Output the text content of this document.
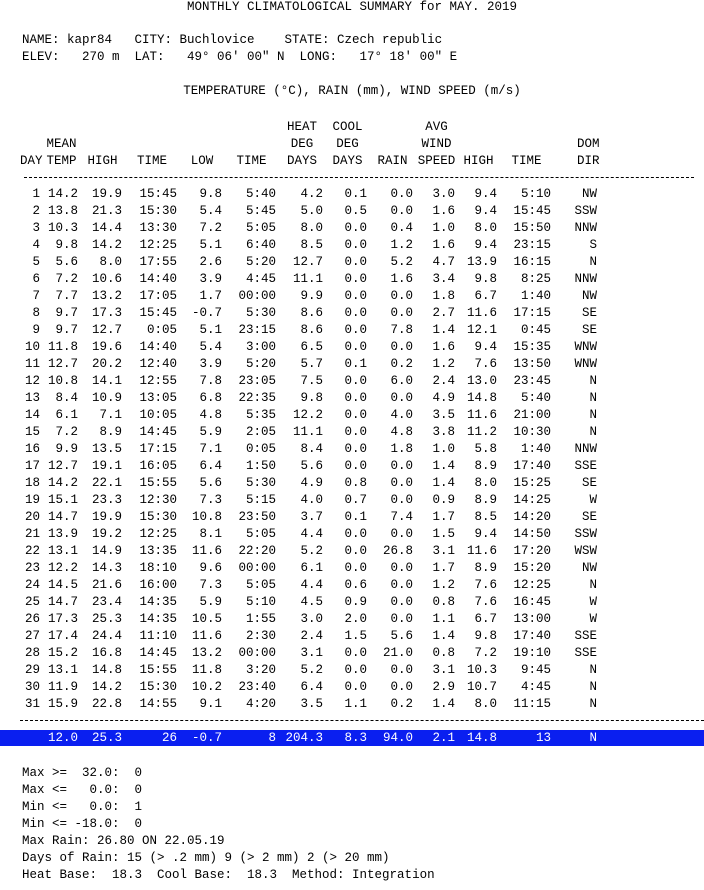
MONTHLY CLIMATOLOGICAL SUMMARY for MAY. 2019
NAME: kapr84   CITY: Buchlovice    STATE: Czech republic
ELEV:   270 m  LAT:   49° 06' 00" N  LONG:   17° 18' 00" E
TEMPERATURE (°C), RAIN (mm), WIND SPEED (m/s)
						HEAT	COOL		AVG			
	MEAN					DEG	DEG		WIND			DOM
DAY	TEMP	HIGH	TIME	LOW	TIME	DAYS	DAYS	RAIN	SPEED	HIGH	TIME	DIR
1	14.2	19.9	15:45	9.8	5:40	4.2	0.1	0.0	3.0	9.4	5:10	NW
2	13.8	21.3	15:30	5.4	5:45	5.0	0.5	0.0	1.6	9.4	15:45	SSW
3	10.3	14.4	13:30	7.2	5:05	8.0	0.0	0.4	1.0	8.0	15:50	NNW
4	9.8	14.2	12:25	5.1	6:40	8.5	0.0	1.2	1.6	9.4	23:15	S
5	5.6	8.0	17:55	2.6	5:20	12.7	0.0	5.2	4.7	13.9	16:15	N
6	7.2	10.6	14:40	3.9	4:45	11.1	0.0	1.6	3.4	9.8	8:25	NNW
7	7.7	13.2	17:05	1.7	00:00	9.9	0.0	0.0	1.8	6.7	1:40	NW
8	9.7	17.3	15:45	-0.7	5:30	8.6	0.0	0.0	2.7	11.6	17:15	SE
9	9.7	12.7	0:05	5.1	23:15	8.6	0.0	7.8	1.4	12.1	0:45	SE
10	11.8	19.6	14:40	5.4	3:00	6.5	0.0	0.0	1.6	9.4	15:35	WNW
11	12.7	20.2	12:40	3.9	5:20	5.7	0.1	0.2	1.2	7.6	13:50	WNW
12	10.8	14.1	12:55	7.8	23:05	7.5	0.0	6.0	2.4	13.0	23:45	N
13	8.4	10.9	13:05	6.8	22:35	9.8	0.0	0.0	4.9	14.8	5:40	N
14	6.1	7.1	10:05	4.8	5:35	12.2	0.0	4.0	3.5	11.6	21:00	N
15	7.2	8.9	14:45	5.9	2:05	11.1	0.0	4.8	3.8	11.2	10:30	N
16	9.9	13.5	17:15	7.1	0:05	8.4	0.0	1.8	1.0	5.8	1:40	NNW
17	12.7	19.1	16:05	6.4	1:50	5.6	0.0	0.0	1.4	8.9	17:40	SSE
18	14.2	22.1	15:55	5.6	5:30	4.9	0.8	0.0	1.4	8.0	15:25	SE
19	15.1	23.3	12:30	7.3	5:15	4.0	0.7	0.0	0.9	8.9	14:25	W
20	14.7	19.9	15:30	10.8	23:50	3.7	0.1	7.4	1.7	8.5	14:20	SE
21	13.9	19.2	12:25	8.1	5:05	4.4	0.0	0.0	1.5	9.4	14:50	SSW
22	13.1	14.9	13:35	11.6	22:20	5.2	0.0	26.8	3.1	11.6	17:20	WSW
23	12.2	14.3	18:10	9.6	00:00	6.1	0.0	0.0	1.7	8.9	15:20	NW
24	14.5	21.6	16:00	7.3	5:05	4.4	0.6	0.0	1.2	7.6	12:25	N
25	14.7	23.4	14:35	5.9	5:10	4.5	0.9	0.0	0.8	7.6	16:45	W
26	17.3	25.3	14:35	10.5	1:55	3.0	2.0	0.0	1.1	6.7	13:00	W
27	17.4	24.4	11:10	11.6	2:30	2.4	1.5	5.6	1.4	9.8	17:40	SSE
28	15.2	16.8	14:45	13.2	00:00	3.1	0.0	21.0	0.8	7.2	19:10	SSE
29	13.1	14.8	15:55	11.8	3:20	5.2	0.0	0.0	3.1	10.3	9:45	N
30	11.9	14.2	15:30	10.2	23:40	6.4	0.0	0.0	2.9	10.7	4:45	N
31	15.9	22.8	14:55	9.1	4:20	3.5	1.1	0.2	1.4	8.0	11:15	N
	12.0	25.3	26	-0.7	8	204.3	8.3	94.0	2.1	14.8	13	N
Max >=  32.0:  0
Max <=   0.0:  0
Min <=   0.0:  1
Min <= -18.0:  0
Max Rain: 26.80 ON 22.05.19
Days of Rain: 15 (> .2 mm) 9 (> 2 mm) 2 (> 20 mm)
Heat Base:  18.3  Cool Base:  18.3  Method: Integration
